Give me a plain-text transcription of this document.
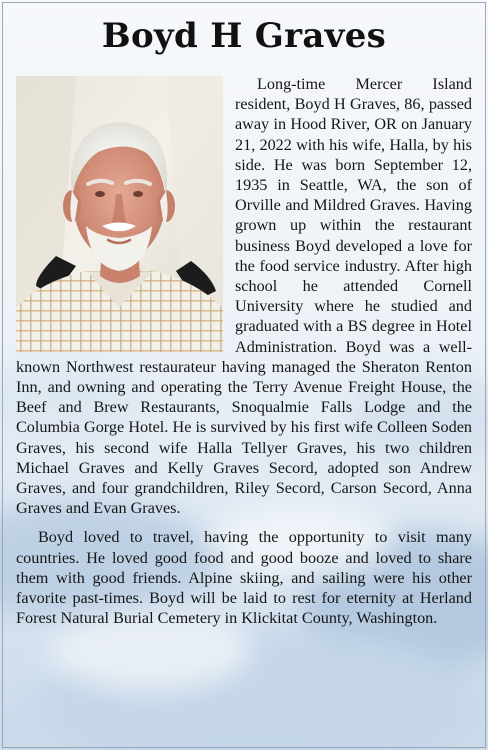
Boyd H Graves

Long-time Mercer Island resident, Boyd H Graves, 86, passed away in Hood River, OR on January 21, 2022 with his wife, Halla, by his side. He was born September 12, 1935 in Seattle, WA, the son of Orville and Mildred Graves. Having grown up within the restaurant business Boyd developed a love for the food service industry. After high school he attended Cornell University where he studied and graduated with a BS degree in Hotel Administration. Boyd was a well-known Northwest restaurateur having managed the Sheraton Renton Inn, and owning and operating the Terry Avenue Freight House, the Beef and Brew Restaurants, Snoqualmie Falls Lodge and the Columbia Gorge Hotel. He is survived by his first wife Colleen Soden Graves, his second wife Halla Tellyer Graves, his two children Michael Graves and Kelly Graves Secord, adopted son Andrew Graves, and four grandchildren, Riley Secord, Carson Secord, Anna Graves and Evan Graves.

Boyd loved to travel, having the opportunity to visit many countries. He loved good food and good booze and loved to share them with good friends. Alpine skiing, and sailing were his other favorite past-times. Boyd will be laid to rest for eternity at Herland Forest Natural Burial Cemetery in Klickitat County, Washington.
